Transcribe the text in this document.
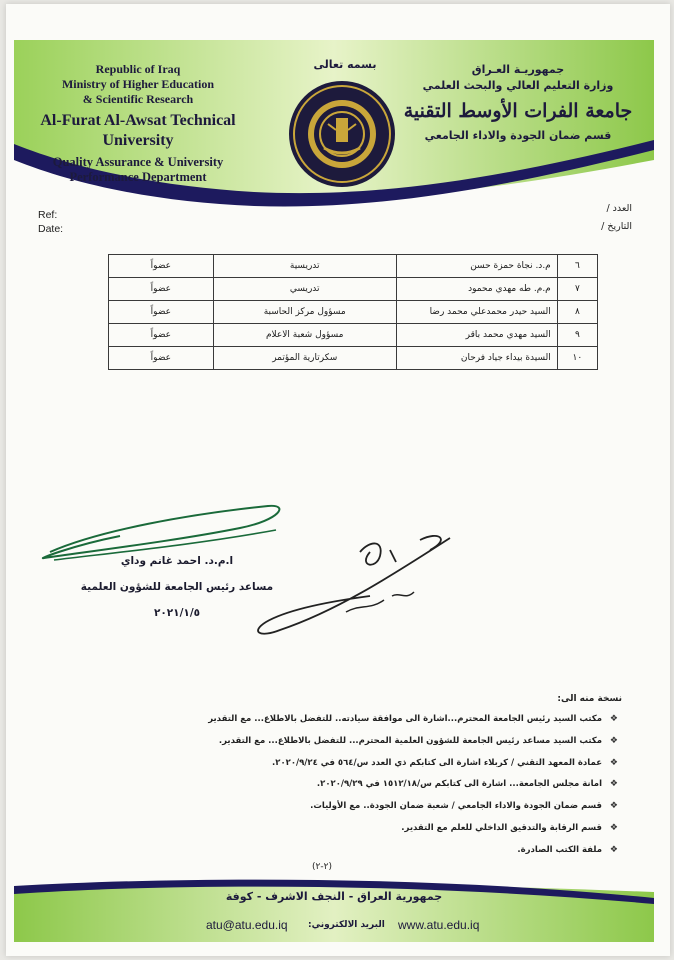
Republic of Iraq
Ministry of Higher Education
& Scientific Research
Al-Furat Al-Awsat Technical University
Quality Assurance & University
Performance Department
بسمه تعالى	جمهوريـة العـراق
وزارة التعليم العالي والبحث العلمي
جامعة الفرات الأوسط التقنية
قسم ضمان الجودة والاداء الجامعي
Ref:
Date:
العدد /
التاريخ /
٦	م.د. نجاة حمزة حسن	تدريسية	عضواً
٧	م.م. طه مهدي محمود	تدريسي	عضواً
٨	السيد حيدر محمدعلي محمد رضا	مسؤول مركز الحاسبة	عضواً
٩	السيد مهدي محمد باقر	مسؤول شعبة الاعلام	عضواً
١٠	السيدة بيداء جياد فرحان	سكرتارية المؤتمر	عضواً
ا.م.د. احمد غانم وداي
مساعد رئيس الجامعة للشؤون العلمية
٢٠٢١/١/٥
نسخة منه الى:
❖
مكتب السيد رئيس الجامعة المحترم...اشارة الى موافقة سيادته.. للتفضل بالاطلاع... مع التقدير
❖
مكتب السيد مساعد رئيس الجامعة للشؤون العلمية المحترم... للتفضل بالاطلاع... مع التقدير.
❖
عمادة المعهد التقني / كربلاء اشارة الى كتابكم ذي العدد س/٥٦٤ في ٢٠٢٠/٩/٢٤.
❖
امانة مجلس الجامعة... اشارة الى كتابكم س/١٥١٢/١٨ في ٢٠٢٠/٩/٢٩.
❖
قسم ضمان الجودة والاداء الجامعي / شعبة ضمان الجودة.. مع الأوليات.
❖
قسم الرقابة والتدقيق الداخلي للعلم مع التقدير.
❖
ملفة الكتب الصادرة.
(٢-٢)
جمهورية العراق - النجف الاشرف - كوفة
www.atu.edu.iq
البريد الالكتروني:
atu@atu.edu.iq
